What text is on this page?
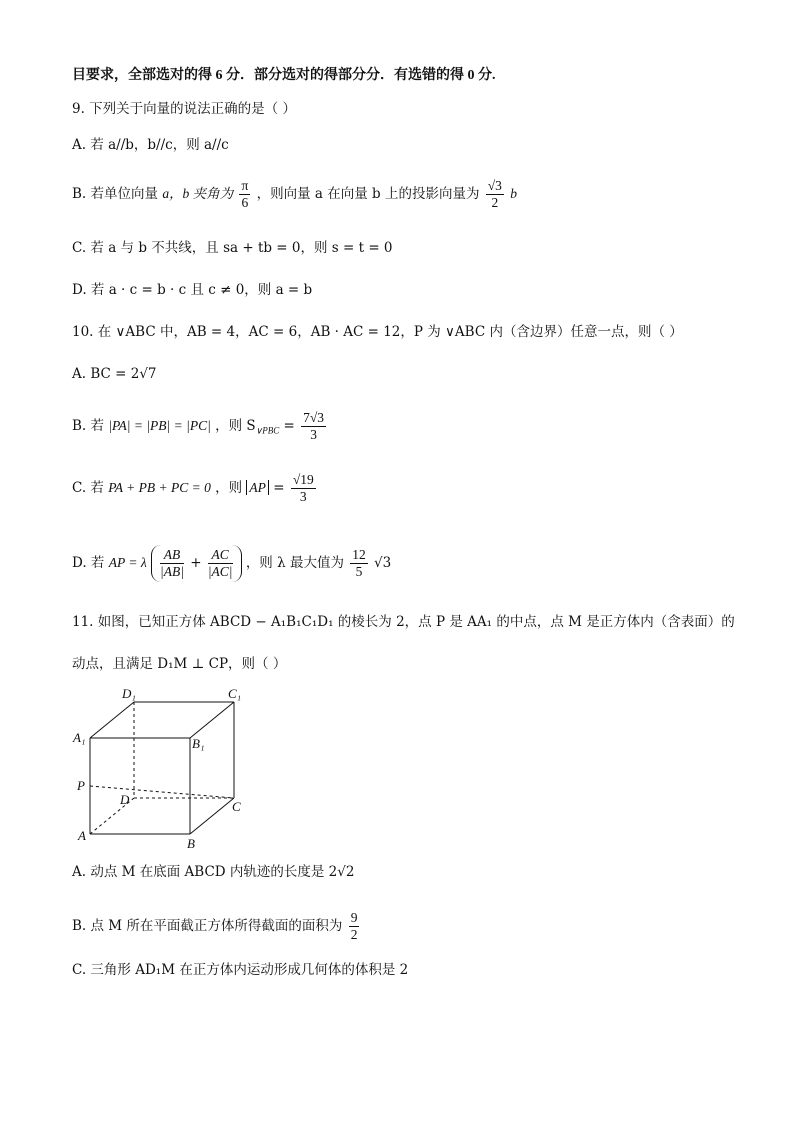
目要求，全部选对的得 6 分．部分选对的得部分分．有选错的得 0 分.
9. 下列关于向量的说法正确的是（ ）
A. 若 a//b，b//c，则 a//c
B. 若单位向量 a，b 夹角为 $\frac{\pi}{6}$ ，则向量 a 在向量 b 上的投影向量为 $\frac{√3}{2}$ b
C. 若 a 与 b 不共线，且 sa + tb = 0，则 s = t = 0
D. 若 a · c = b · c 且 c ≠ 0，则 a = b
10. 在 ∨ABC 中，AB = 4，AC = 6，AB · AC = 12，P 为 ∨ABC 内（含边界）任意一点，则（ ）
A. BC = 2√7
B. 若 |PA| = |PB| = |PC| ，则 $S_{\vee PBC} = \frac{7√3}{3}$
C. 若 PA + PB + PC = 0 ，则 AP = $\frac{√19}{3}$
D. 若 AP = λ $\frac{AB}{|AB|} + \frac{AC}{|AC|}$ ，则 λ 最大值为 $\frac{12}{5} √3$
11. 如图，已知正方体 ABCD − A₁B₁C₁D₁ 的棱长为 2，点 P 是 AA₁ 的中点，点 M 是正方体内（含表面）的
动点，且满足 D₁M ⊥ CP，则（ ）
D₁	C₁
A₁	B₁
P
D	C
A
B
A. 动点 M 在底面 ABCD 内轨迹的长度是 2√2
B. 点 M 所在平面截正方体所得截面的面积为 $\frac{9}{2}$
C. 三角形 AD₁M 在正方体内运动形成几何体的体积是 2
